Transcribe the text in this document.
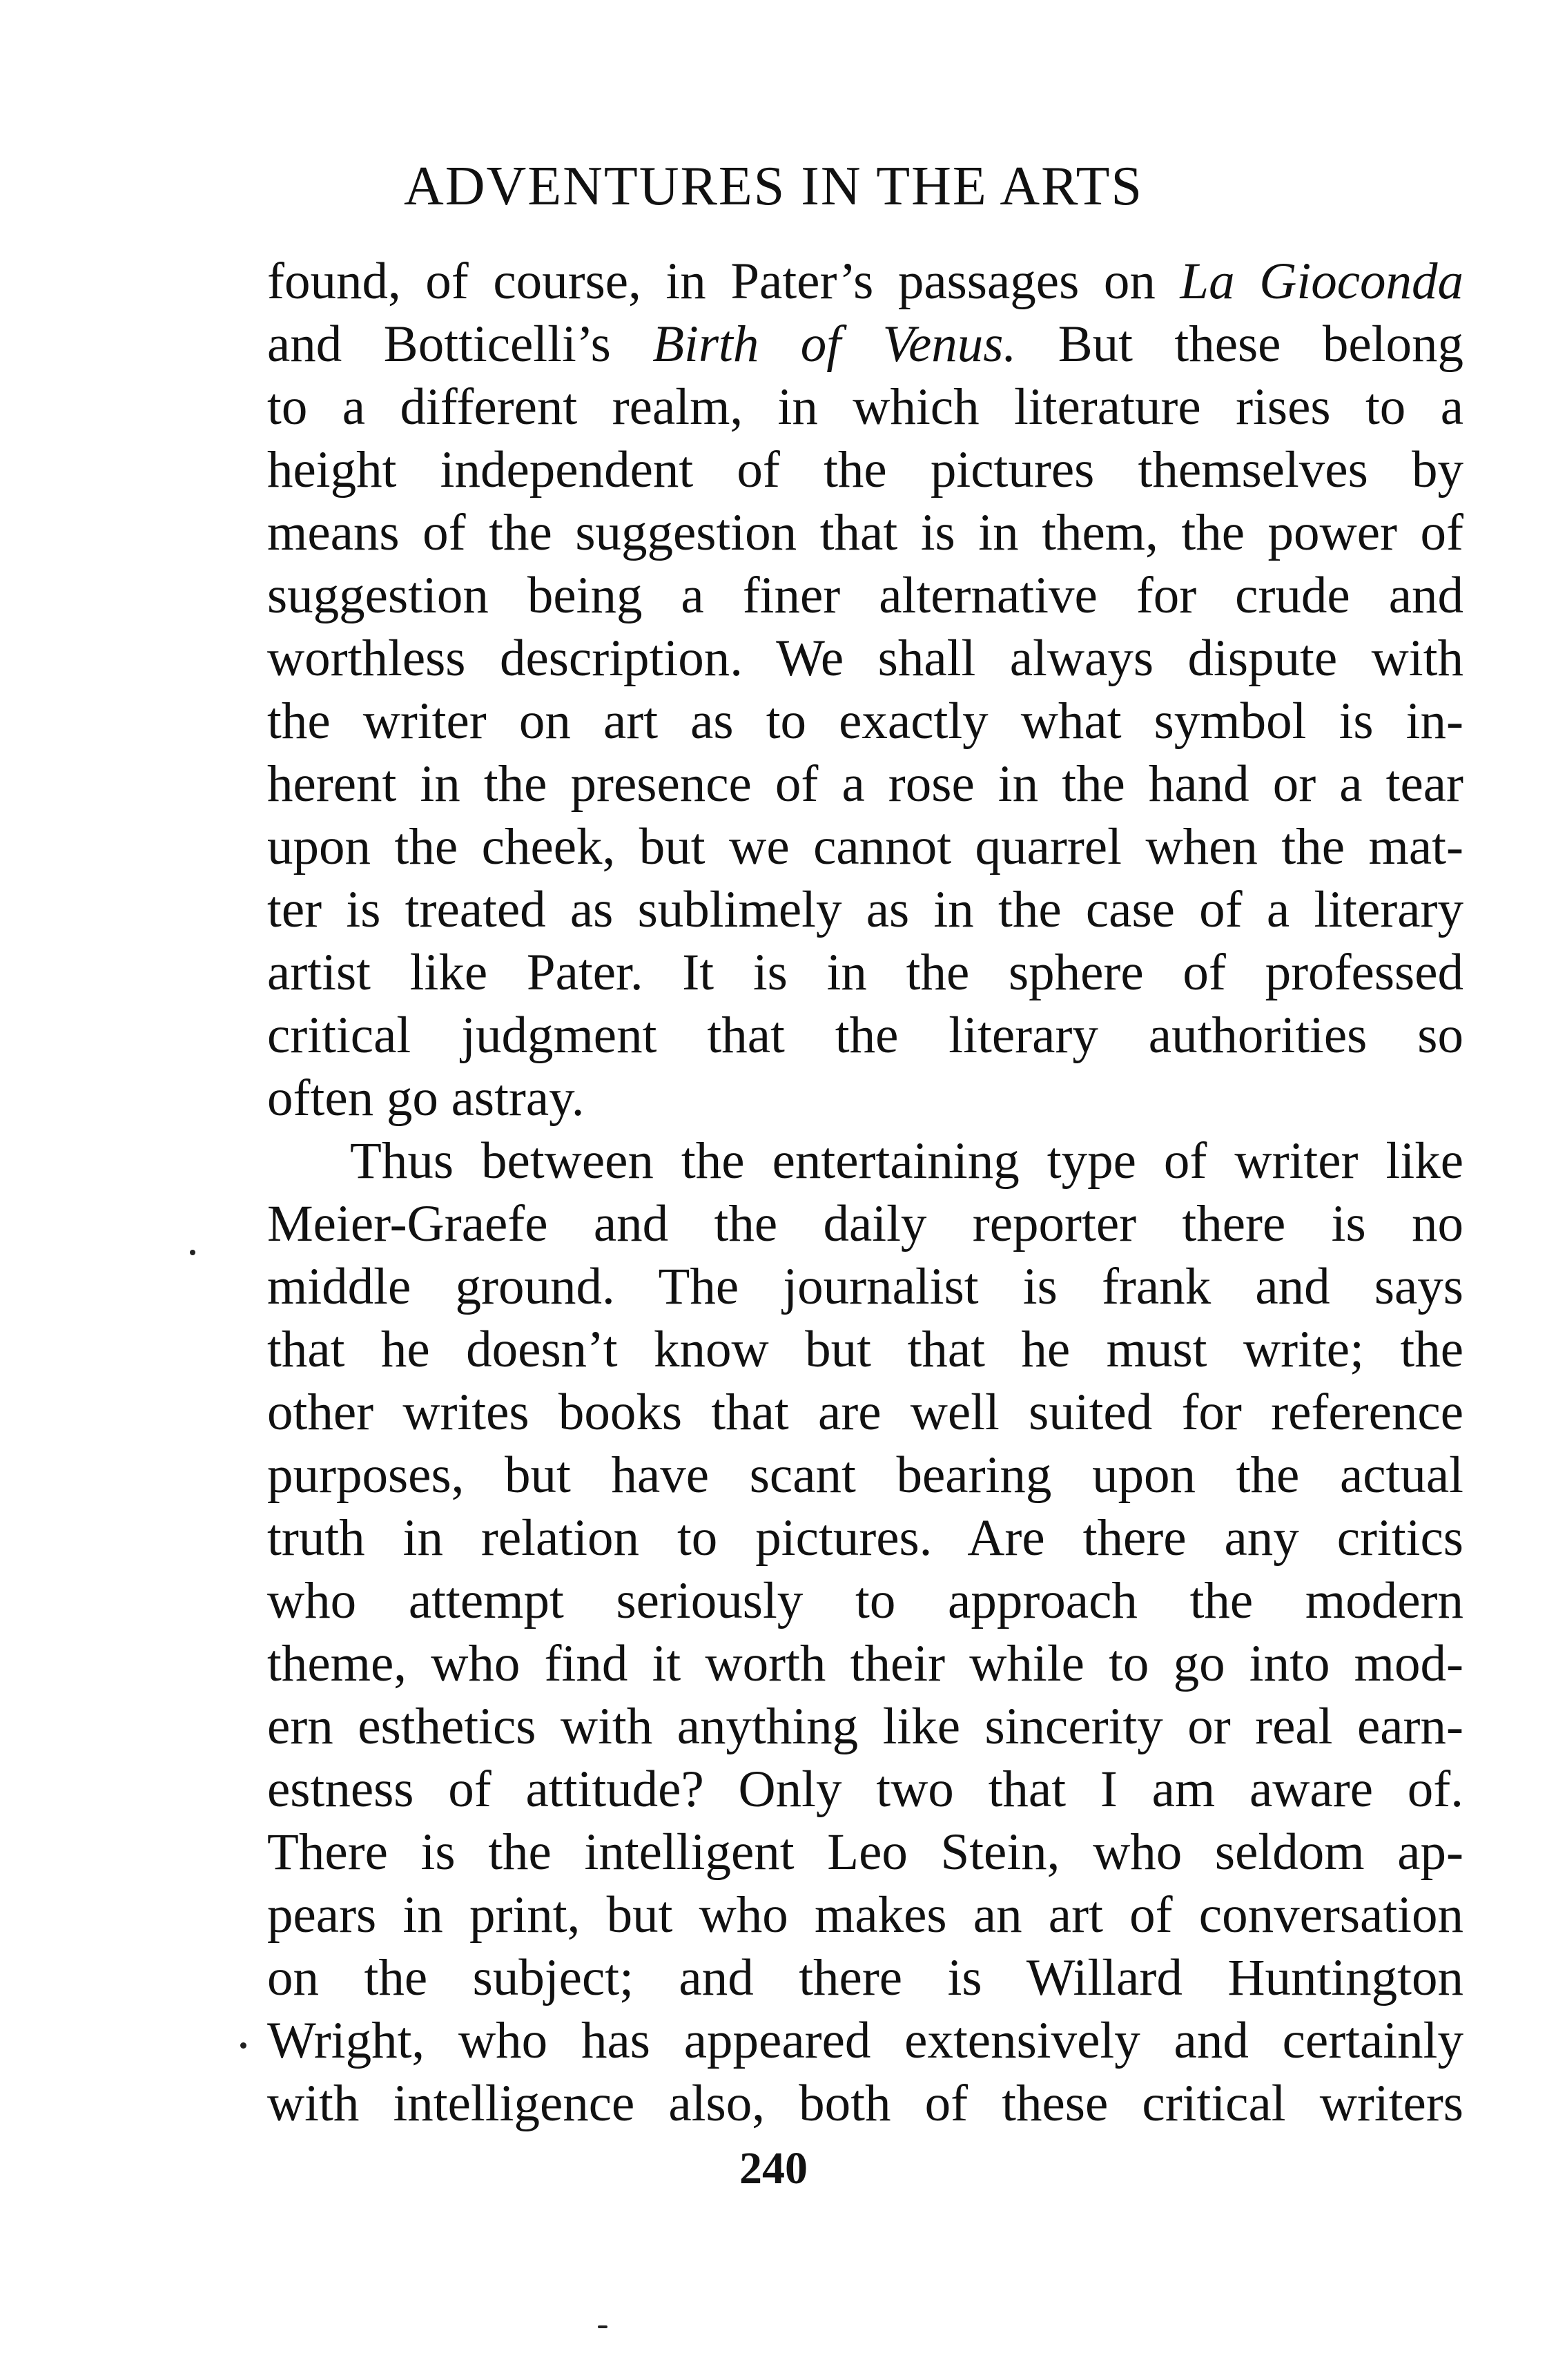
ADVENTURES IN THE ARTS
found, of course, in Pater’s passages on La Gioconda
and Botticelli’s Birth of Venus. But these belong
to a different realm, in which literature rises to a
height independent of the pictures themselves by
means of the suggestion that is in them, the power of
suggestion being a finer alternative for crude and
worthless description. We shall always dispute with
the writer on art as to exactly what symbol is in-
herent in the presence of a rose in the hand or a tear
upon the cheek, but we cannot quarrel when the mat-
ter is treated as sublimely as in the case of a literary
artist like Pater. It is in the sphere of professed
critical judgment that the literary authorities so
often go astray.
Thus between the entertaining type of writer like
Meier-Graefe and the daily reporter there is no
middle ground. The journalist is frank and says
that he doesn’t know but that he must write; the
other writes books that are well suited for reference
purposes, but have scant bearing upon the actual
truth in relation to pictures. Are there any critics
who attempt seriously to approach the modern
theme, who find it worth their while to go into mod-
ern esthetics with anything like sincerity or real earn-
estness of attitude? Only two that I am aware of.
There is the intelligent Leo Stein, who seldom ap-
pears in print, but who makes an art of conversation
on the subject; and there is Willard Huntington
Wright, who has appeared extensively and certainly
with intelligence also, both of these critical writers
240
